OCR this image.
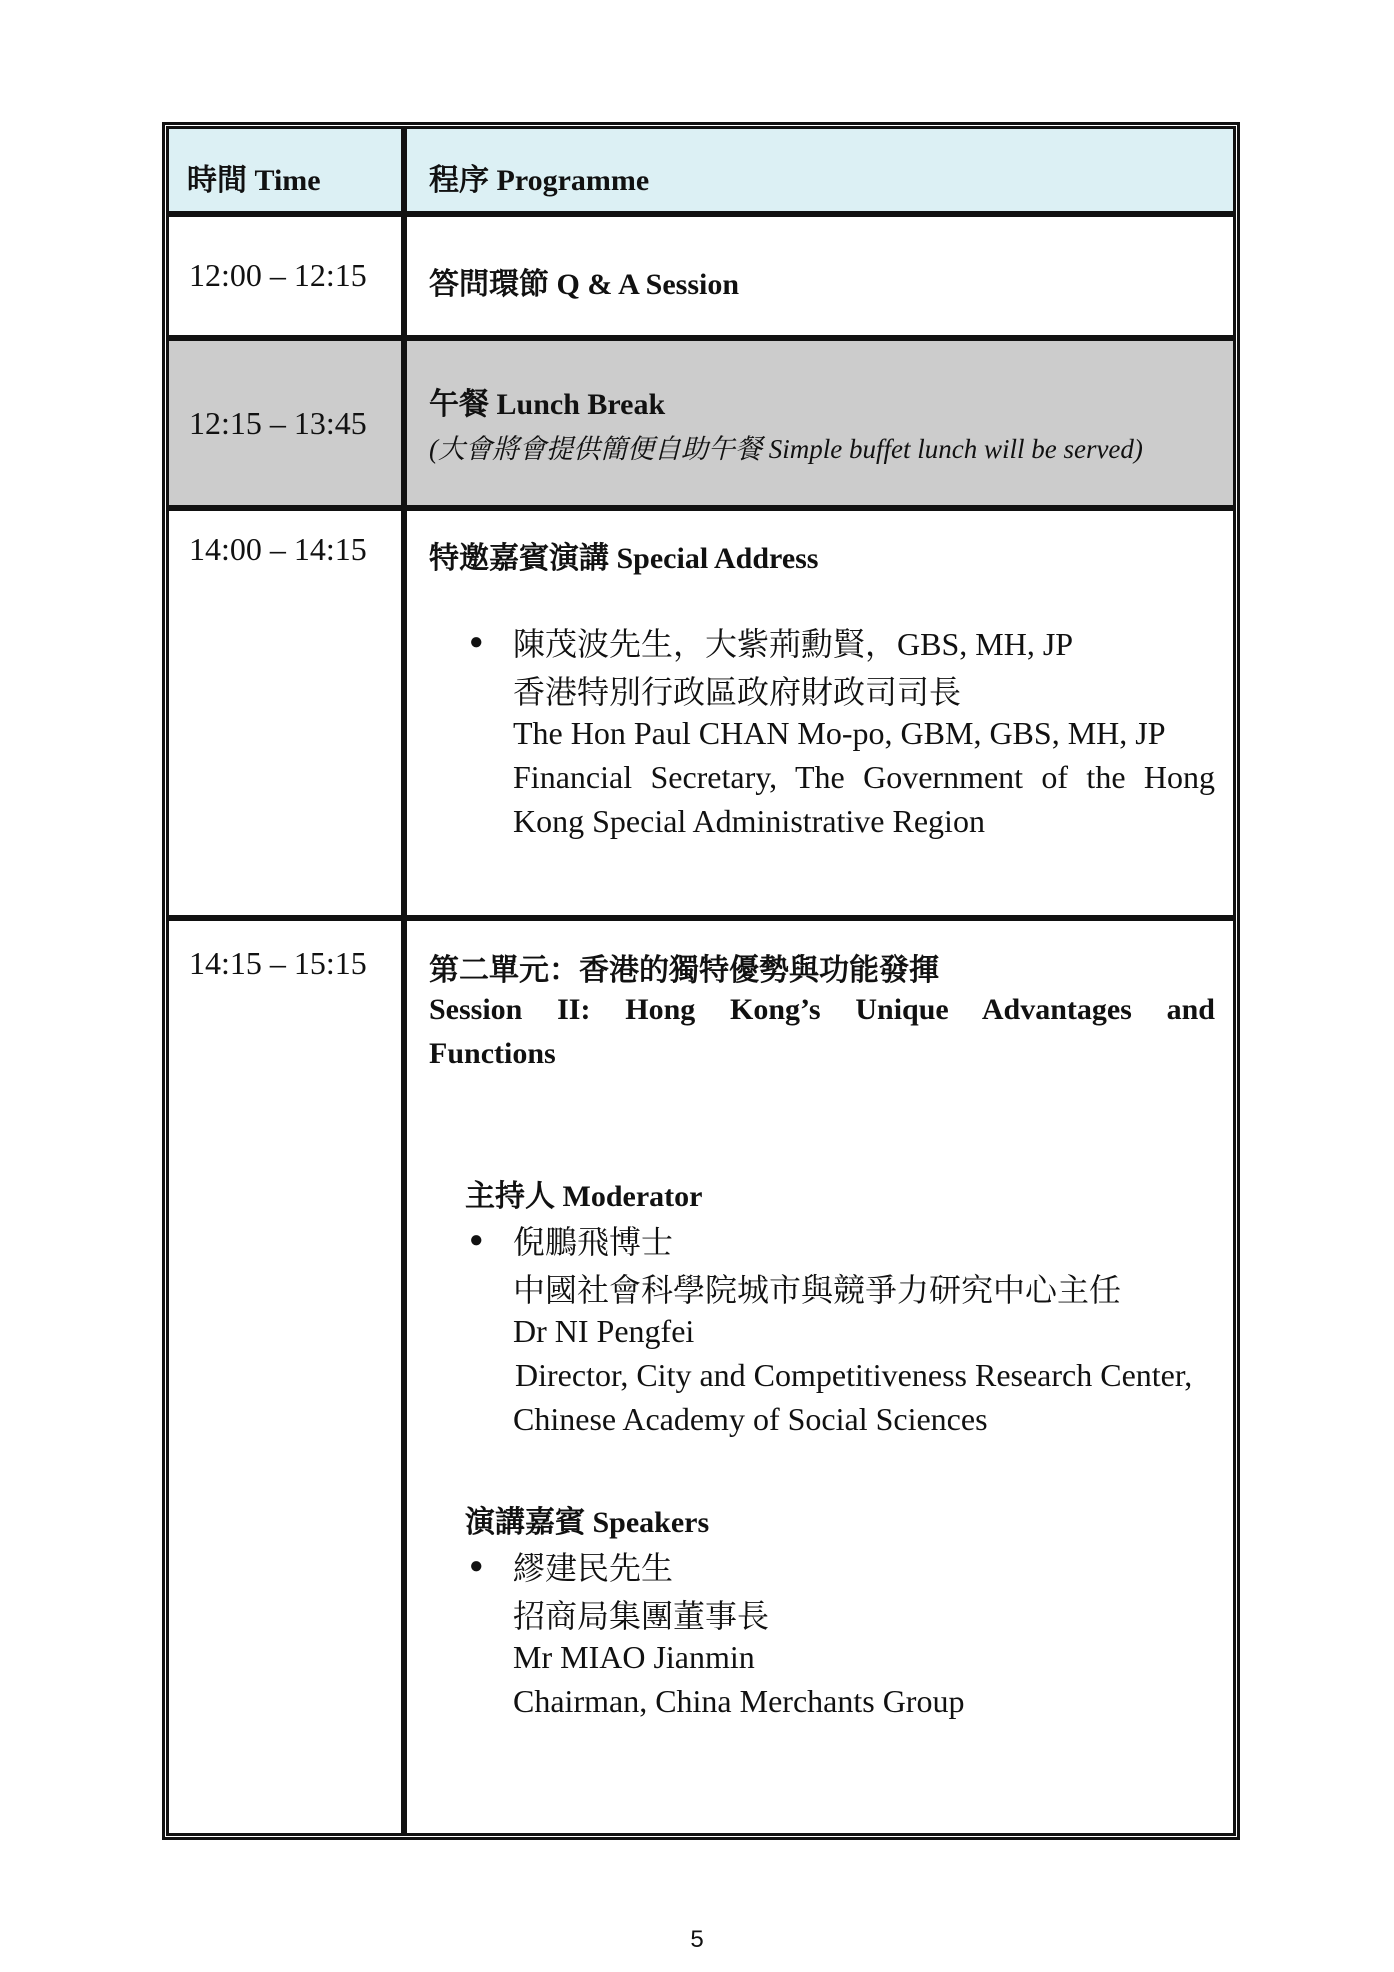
時間 Time	程序 Programme
12:00 – 12:15 答問環節 Q & A Session
12:15 – 13:45
午餐 Lunch Break
(大會將會提供簡便自助午餐 Simple buffet lunch will be served)
14:00 – 14:15 特邀嘉賓演講 Special Address
● 陳茂波先生，大紫荊勳賢，GBS, MH, JP
香港特別行政區政府財政司司長
The Hon Paul CHAN Mo-po, GBM, GBS, MH, JP
Financial Secretary, The Government of the Hong
Kong Special Administrative Region
14:15 – 15:15 第二單元：香港的獨特優勢與功能發揮
Session II: Hong Kong’s Unique Advantages and
Functions
主持人 Moderator
● 倪鵬飛博士
中國社會科學院城市與競爭力研究中心主任
Dr NI Pengfei
Director, City and Competitiveness Research Center,
Chinese Academy of Social Sciences
演講嘉賓 Speakers
● 繆建民先生
招商局集團董事長
Mr MIAO Jianmin
Chairman, China Merchants Group
5
